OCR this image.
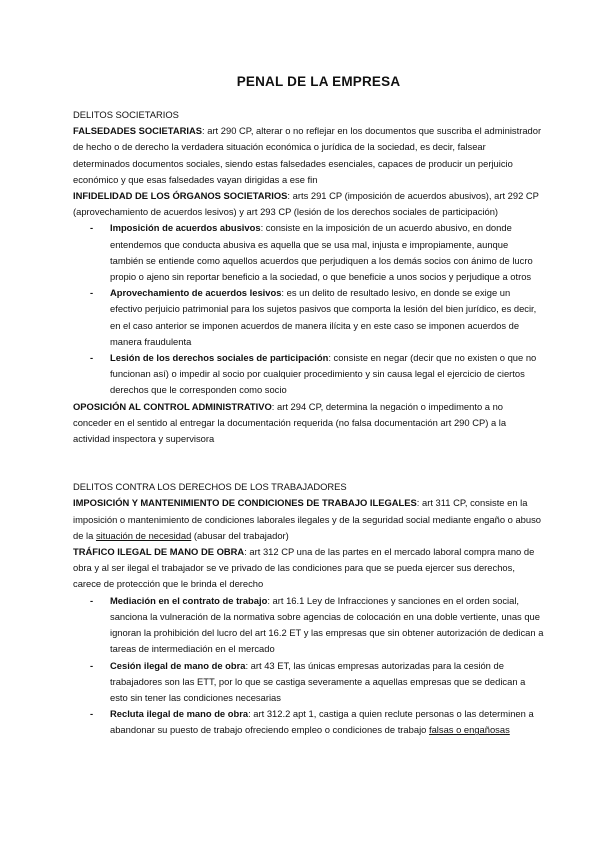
PENAL DE LA EMPRESA

DELITOS SOCIETARIOS

FALSEDADES SOCIETARIAS: art 290 CP, alterar o no reflejar en los documentos que suscriba el administrador de hecho o de derecho la verdadera situación económica o jurídica de la sociedad, es decir, falsear determinados documentos sociales, siendo estas falsedades esenciales, capaces de producir un perjuicio económico y que esas falsedades vayan dirigidas a ese fin

INFIDELIDAD DE LOS ÓRGANOS SOCIETARIOS: arts 291 CP (imposición de acuerdos abusivos), art 292 CP (aprovechamiento de acuerdos lesivos) y art 293 CP (lesión de los derechos sociales de participación)

- Imposición de acuerdos abusivos: consiste en la imposición de un acuerdo abusivo, en donde entendemos que conducta abusiva es aquella que se usa mal, injusta e impropiamente, aunque también se entiende como aquellos acuerdos que perjudiquen a los demás socios con ánimo de lucro propio o ajeno sin reportar beneficio a la sociedad, o que beneficie a unos socios y perjudique a otros
- Aprovechamiento de acuerdos lesivos: es un delito de resultado lesivo, en donde se exige un efectivo perjuicio patrimonial para los sujetos pasivos que comporta la lesión del bien jurídico, es decir, en el caso anterior se imponen acuerdos de manera ilícita y en este caso se imponen acuerdos de manera fraudulenta
- Lesión de los derechos sociales de participación: consiste en negar (decir que no existen o que no funcionan así) o impedir al socio por cualquier procedimiento y sin causa legal el ejercicio de ciertos derechos que le corresponden como socio

OPOSICIÓN AL CONTROL ADMINISTRATIVO: art 294 CP, determina la negación o impedimento a no conceder en el sentido al entregar la documentación requerida (no falsa documentación art 290 CP) a la actividad inspectora y supervisora

DELITOS CONTRA LOS DERECHOS DE LOS TRABAJADORES

IMPOSICIÓN Y MANTENIMIENTO DE CONDICIONES DE TRABAJO ILEGALES: art 311 CP, consiste en la imposición o mantenimiento de condiciones laborales ilegales y de la seguridad social mediante engaño o abuso de la situación de necesidad (abusar del trabajador)

TRÁFICO ILEGAL DE MANO DE OBRA: art 312 CP una de las partes en el mercado laboral compra mano de obra y al ser ilegal el trabajador se ve privado de las condiciones para que se pueda ejercer sus derechos, carece de protección que le brinda el derecho

- Mediación en el contrato de trabajo: art 16.1 Ley de Infracciones y sanciones en el orden social, sanciona la vulneración de la normativa sobre agencias de colocación en una doble vertiente, unas que ignoran la prohibición del lucro del art 16.2 ET y las empresas que sin obtener autorización de dedican a tareas de intermediación en el mercado
- Cesión ilegal de mano de obra: art 43 ET, las únicas empresas autorizadas para la cesión de trabajadores son las ETT, por lo que se castiga severamente a aquellas empresas que se dedican a esto sin tener las condiciones necesarias
- Recluta ilegal de mano de obra: art 312.2 apt 1, castiga a quien reclute personas o las determinen a abandonar su puesto de trabajo ofreciendo empleo o condiciones de trabajo falsas o engañosas
